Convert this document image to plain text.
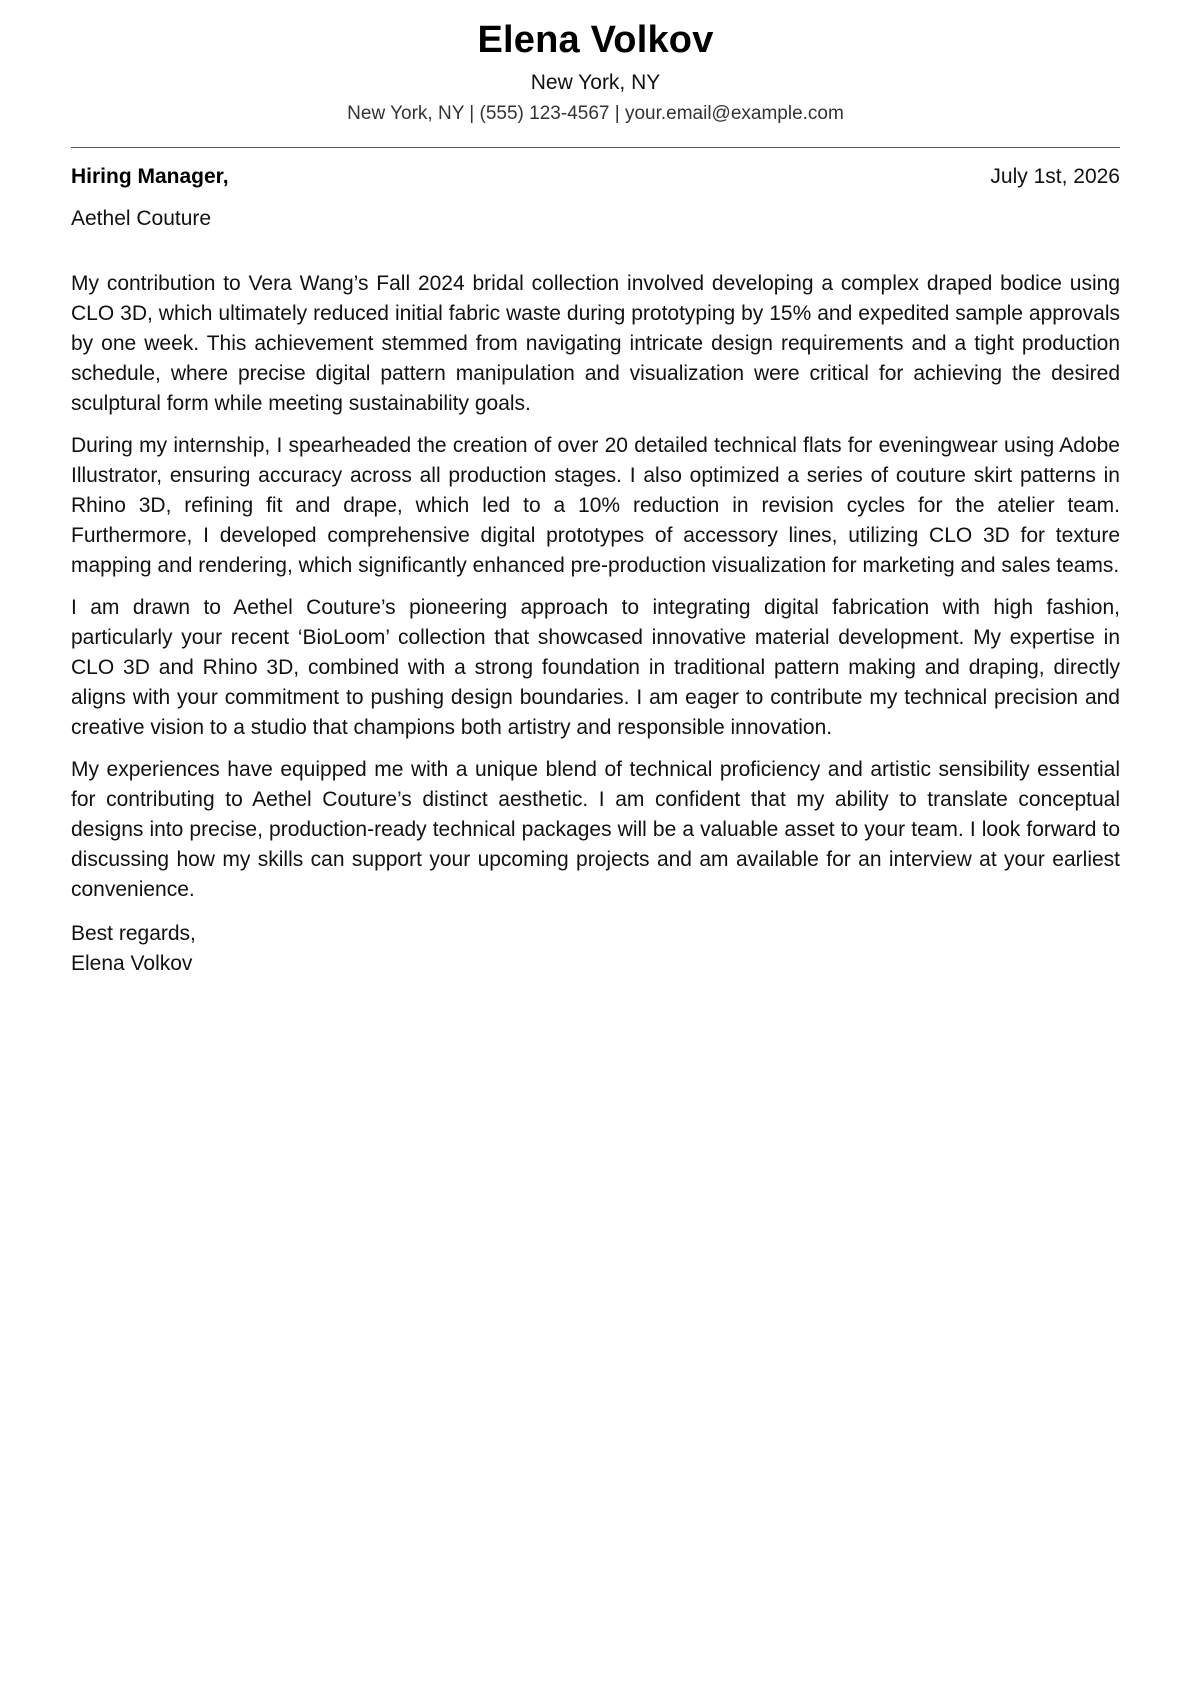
Elena Volkov
New York, NY
New York, NY | (555) 123-4567 | your.email@example.com
Hiring Manager,	July 1st, 2026
Aethel Couture

My contribution to Vera Wang’s Fall 2024 bridal collection involved developing a complex draped bodice using CLO 3D, which ultimately reduced initial fabric waste during prototyping by 15% and expedited sample approvals by one week. This achievement stemmed from navigating intricate design requirements and a tight production schedule, where precise digital pattern manipulation and visualization were critical for achieving the desired sculptural form while meeting sustainability goals.

During my internship, I spearheaded the creation of over 20 detailed technical flats for eveningwear using Adobe Illustrator, ensuring accuracy across all production stages. I also optimized a series of couture skirt patterns in Rhino 3D, refining fit and drape, which led to a 10% reduction in revision cycles for the atelier team. Furthermore, I developed comprehensive digital prototypes of accessory lines, utilizing CLO 3D for texture mapping and rendering, which significantly enhanced pre-production visualization for marketing and sales teams.

I am drawn to Aethel Couture’s pioneering approach to integrating digital fabrication with high fashion, particularly your recent ‘BioLoom’ collection that showcased innovative material development. My expertise in CLO 3D and Rhino 3D, combined with a strong foundation in traditional pattern making and draping, directly aligns with your commitment to pushing design boundaries. I am eager to contribute my technical precision and creative vision to a studio that champions both artistry and responsible innovation.

My experiences have equipped me with a unique blend of technical proficiency and artistic sensibility essential for contributing to Aethel Couture’s distinct aesthetic. I am confident that my ability to translate conceptual designs into precise, production-ready technical packages will be a valuable asset to your team. I look forward to discussing how my skills can support your upcoming projects and am available for an interview at your earliest convenience.

Best regards,
Elena Volkov
